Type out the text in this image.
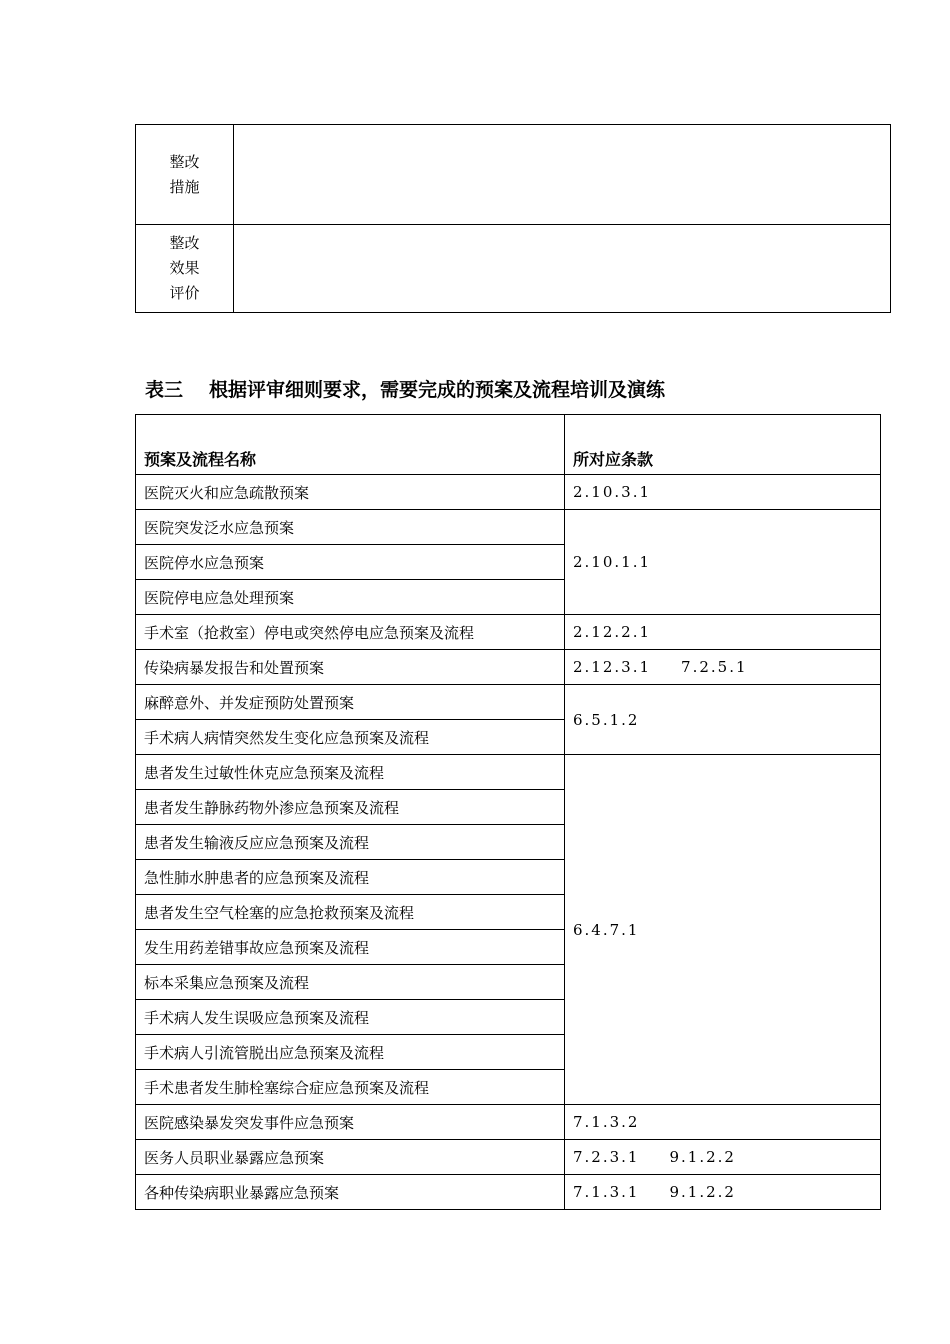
整改
措施	

整改
效果
评价	

表三 根据评审细则要求，需要完成的预案及流程培训及演练
预案及流程名称	所对应条款
医院灭火和应急疏散预案	2.10.3.1
医院突发泛水应急预案	2.10.1.1
医院停水应急预案	
医院停电应急处理预案	
手术室（抢救室）停电或突然停电应急预案及流程	2.12.2.1
传染病暴发报告和处置预案	2.12.3.1 7.2.5.1
麻醉意外、并发症预防处置预案	6.5.1.2
手术病人病情突然发生变化应急预案及流程	
患者发生过敏性休克应急预案及流程	6.4.7.1
患者发生静脉药物外渗应急预案及流程	
患者发生输液反应应急预案及流程	
急性肺水肿患者的应急预案及流程	
患者发生空气栓塞的应急抢救预案及流程	
发生用药差错事故应急预案及流程	
标本采集应急预案及流程	
手术病人发生误吸应急预案及流程	
手术病人引流管脱出应急预案及流程	
手术患者发生肺栓塞综合症应急预案及流程	
医院感染暴发突发事件应急预案	7.1.3.2
医务人员职业暴露应急预案	7.2.3.1 9.1.2.2
各种传染病职业暴露应急预案	7.1.3.1 9.1.2.2
